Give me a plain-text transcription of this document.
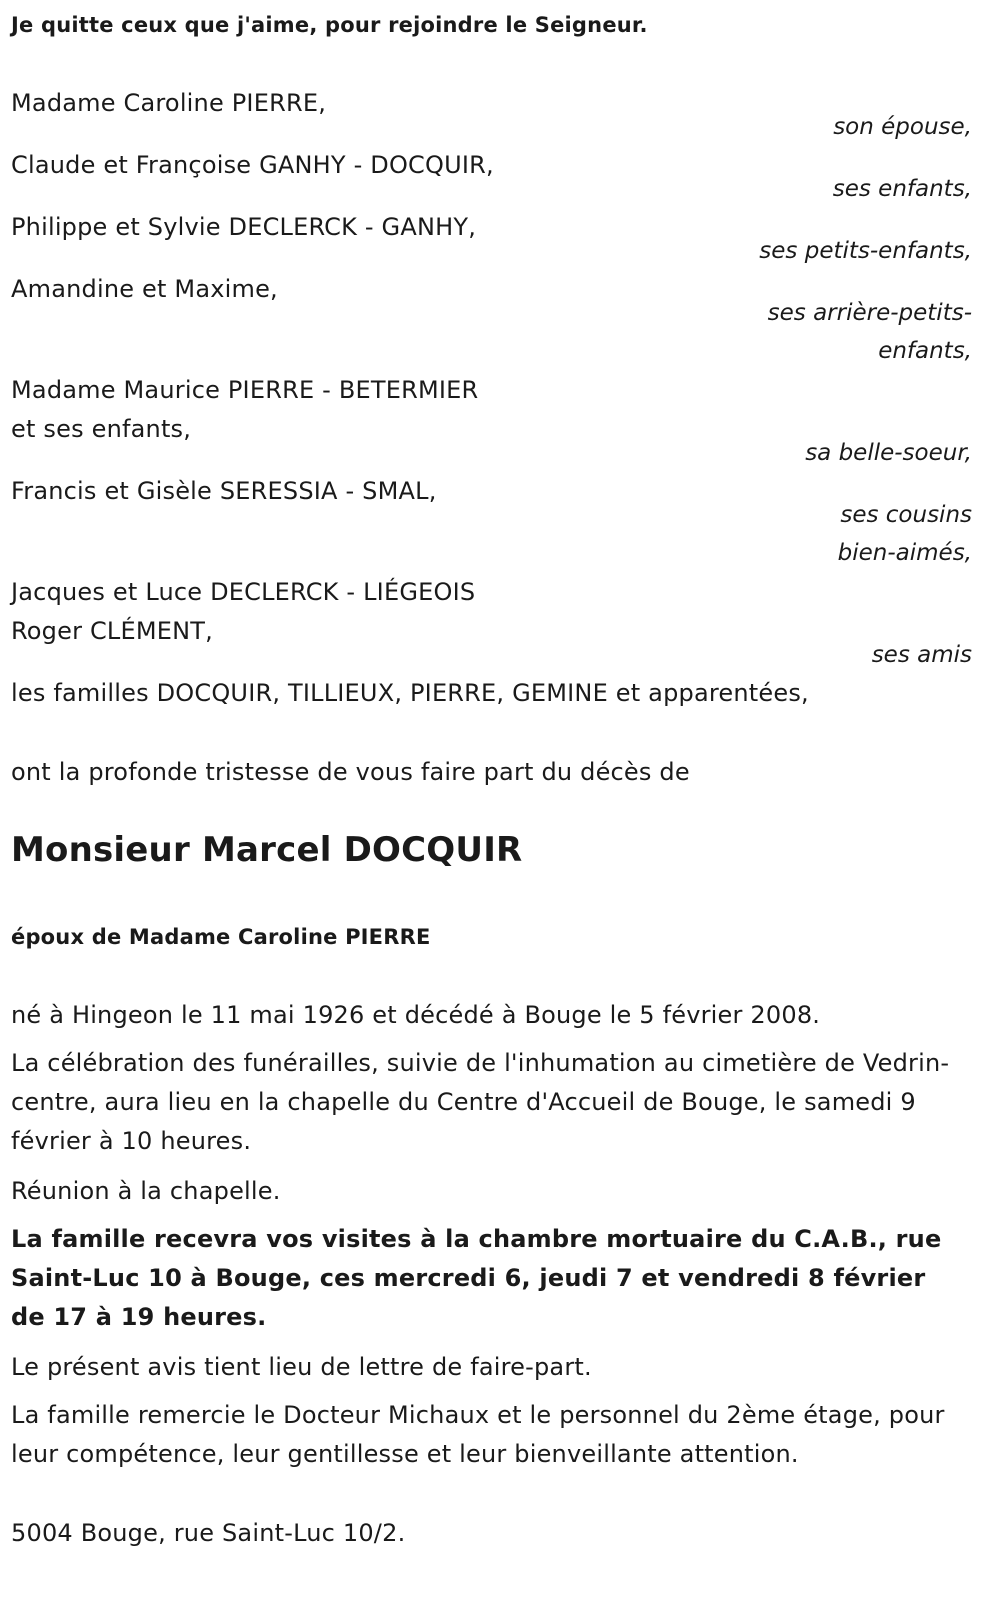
Je quitte ceux que j'aime, pour rejoindre le Seigneur.
Madame Caroline PIERRE,
son épouse,
Claude et Françoise GANHY - DOCQUIR,
ses enfants,
Philippe et Sylvie DECLERCK - GANHY,
ses petits-enfants,
Amandine et Maxime,
ses arrière-petits-
enfants,
Madame Maurice PIERRE - BETERMIER
et ses enfants,
sa belle-soeur,
Francis et Gisèle SERESSIA - SMAL,
ses cousins
bien-aimés,
Jacques et Luce DECLERCK - LIÉGEOIS
Roger CLÉMENT,
ses amis
les familles DOCQUIR, TILLIEUX, PIERRE, GEMINE et apparentées,
ont la profonde tristesse de vous faire part du décès de
Monsieur Marcel DOCQUIR
époux de Madame Caroline PIERRE
né à Hingeon le 11 mai 1926 et décédé à Bouge le 5 février 2008.
La célébration des funérailles, suivie de l'inhumation au cimetière de Vedrin-centre, aura lieu en la chapelle du Centre d'Accueil de Bouge, le samedi 9 février à 10 heures.
Réunion à la chapelle.
La famille recevra vos visites à la chambre mortuaire du C.A.B., rue Saint-Luc 10 à Bouge, ces mercredi 6, jeudi 7 et vendredi 8 février de 17 à 19 heures.
Le présent avis tient lieu de lettre de faire-part.
La famille remercie le Docteur Michaux et le personnel du 2ème étage, pour leur compétence, leur gentillesse et leur bienveillante attention.
5004 Bouge, rue Saint-Luc 10/2.
